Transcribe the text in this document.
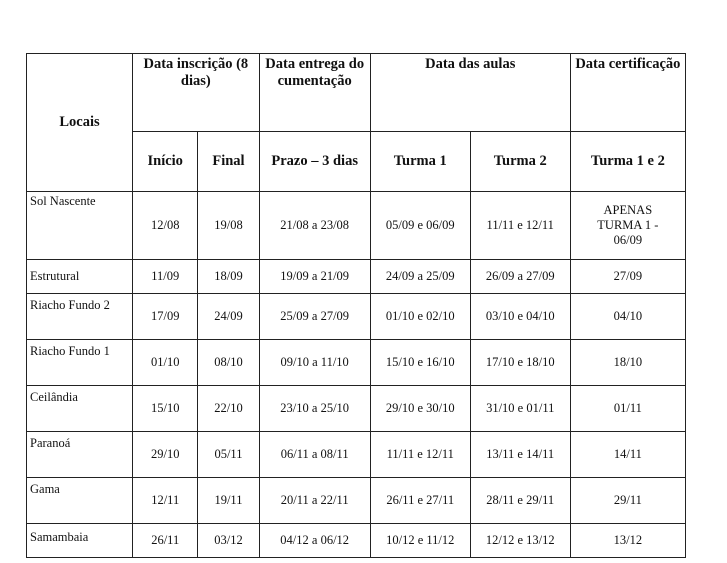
Locais	Data inscrição (8 dias)		Data entrega documentação	Data das aulas		Data certificação
	Início	Final	Prazo – 3 dias	Turma 1	Turma 2	Turma 1 e 2
Sol Nascente	12/08	19/08	21/08 a 23/08	05/09 e 06/09	11/11 e 12/11	APENAS TURMA 1 - 06/09
Estrutural	11/09	18/09	19/09 a 21/09	24/09 a 25/09	26/09 a 27/09	27/09
Riacho Fundo 2	17/09	24/09	25/09 a 27/09	01/10 e 02/10	03/10 e 04/10	04/10
Riacho Fundo 1	01/10	08/10	09/10 a 11/10	15/10 e 16/10	17/10 e 18/10	18/10
Ceilândia	15/10	22/10	23/10 a 25/10	29/10 e 30/10	31/10 e 01/11	01/11
Paranoá	29/10	05/11	06/11 a 08/11	11/11 e 12/11	13/11 e 14/11	14/11
Gama	12/11	19/11	20/11 a 22/11	26/11 e 27/11	28/11 e 29/11	29/11
Samambaia	26/11	03/12	04/12 a 06/12	10/12 e 11/12	12/12 e 13/12	13/12
